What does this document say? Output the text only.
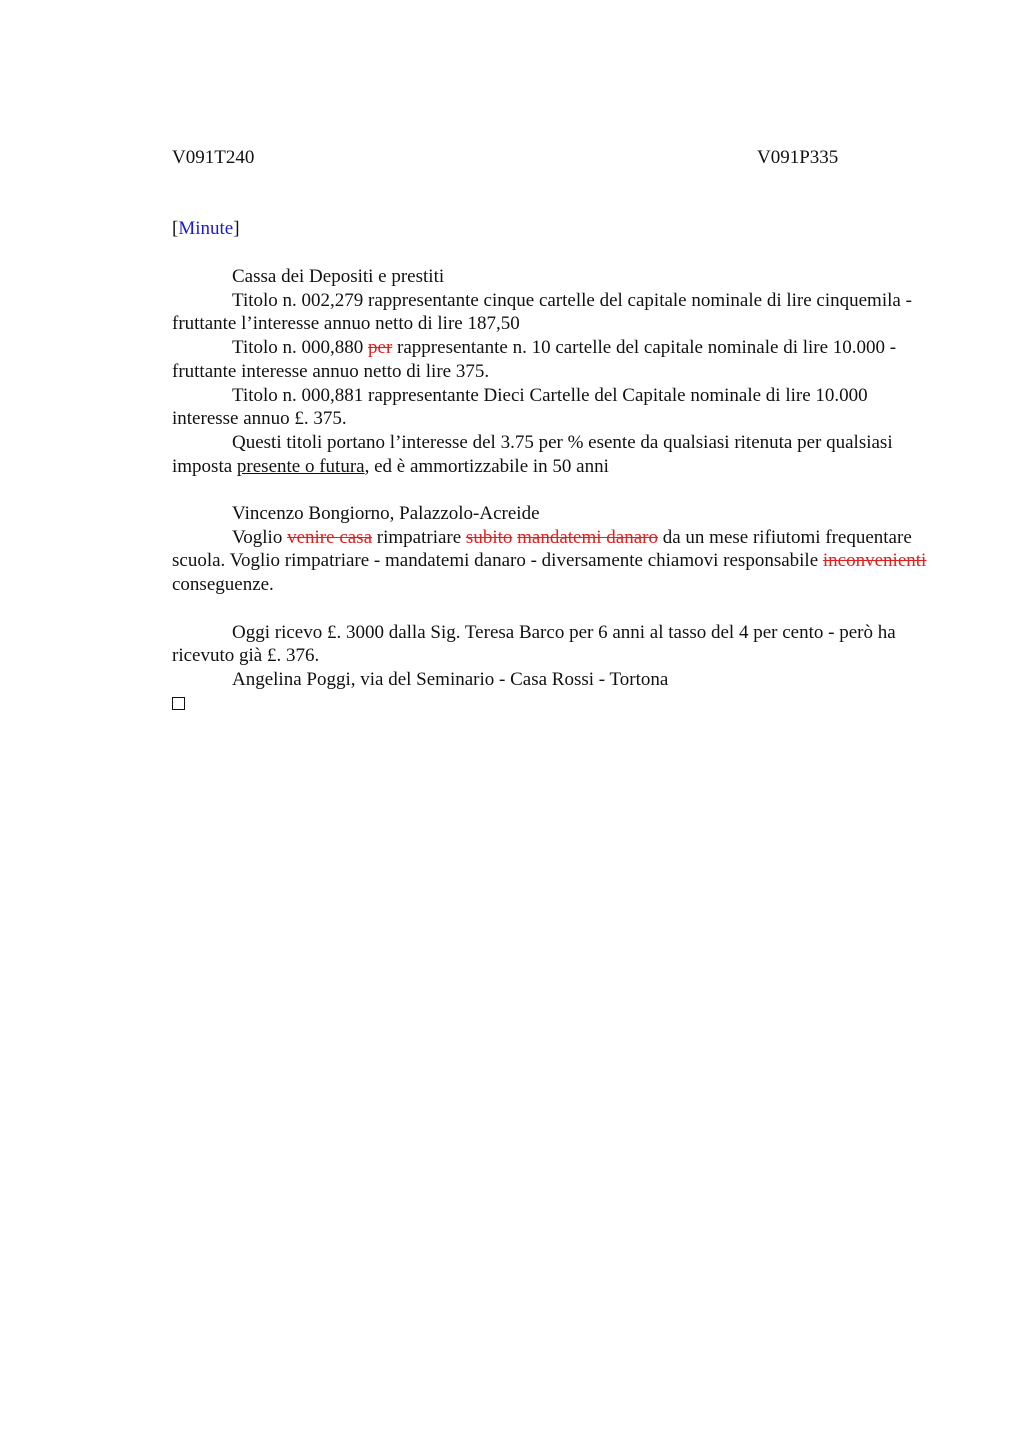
V091T240	V091P335
[Minute]

Cassa dei Depositi e prestiti

Titolo n. 002,279 rappresentante cinque cartelle del capitale nominale di lire cinquemila - fruttante l’interesse annuo netto di lire 187,50

Titolo n. 000,880 per rappresentante n. 10 cartelle del capitale nominale di lire 10.000 - fruttante interesse annuo netto di lire 375.

Titolo n. 000,881 rappresentante Dieci Cartelle del Capitale nominale di lire 10.000 interesse annuo £. 375.

Questi titoli portano l’interesse del 3.75 per % esente da qualsiasi ritenuta per qualsiasi imposta presente o futura, ed è ammortizzabile in 50 anni

Vincenzo Bongiorno, Palazzolo-Acreide

Voglio venire casa rimpatriare subito mandatemi danaro da un mese rifiutomi frequentare scuola. Voglio rimpatriare - mandatemi danaro - diversamente chiamovi responsabile inconvenienti conseguenze.

Oggi ricevo £. 3000 dalla Sig. Teresa Barco per 6 anni al tasso del 4 per cento - però ha ricevuto già £. 376.

Angelina Poggi, via del Seminario - Casa Rossi - Tortona
